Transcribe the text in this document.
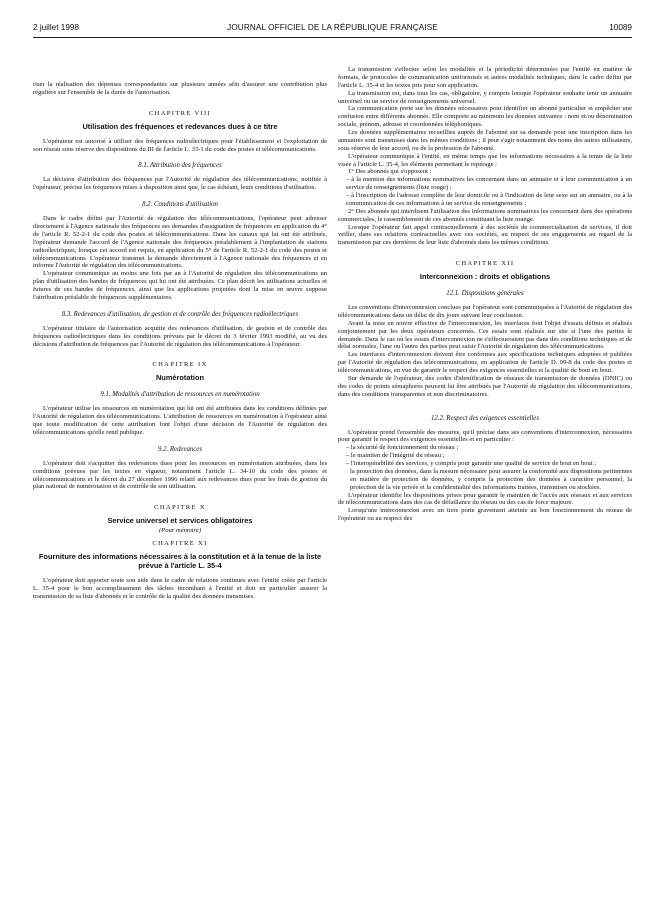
2 juillet 1998	JOURNAL OFFICIEL DE LA RÉPUBLIQUE FRANÇAISE	10089

riser la réalisation des dépenses correspondantes sur plusieurs années afin d'assurer une contribution plus régulière sur l'ensemble de la durée de l'autorisation.

CHAPITRE VIII
Utilisation des fréquences et redevances dues à ce titre

L'opérateur est autorisé à utiliser des fréquences radioélectriques pour l'établissement et l'exploitation de son réseau sous réserve des dispositions du III de l'article L. 33-1 du code des postes et télécommunications.

8.1. Attribution des fréquences

La décision d'attribution des fréquences par l'Autorité de régulation des télécommunications, notifiée à l'opérateur, précise les fréquences mises à disposition ainsi que, le cas échéant, leurs conditions d'utilisation.

8.2. Conditions d'utilisation

Dans le cadre défini par l'Autorité de régulation des télécommunications, l'opérateur peut adresser directement à l'Agence nationale des fréquences ses demandes d'assignation de fréquences en application du 4° de l'article R. 52-2-1 du code des postes et télécommunications. Dans les canaux qui lui ont été attribués, l'opérateur demande l'accord de l'Agence nationale des fréquences préalablement à l'implantation de stations radioélectriques, lorsque cet accord est requis, en application du 5° de l'article R. 52-2-1 du code des postes et télécommunications. L'opérateur transmet la demande directement à l'Agence nationale des fréquences et en informe l'Autorité de régulation des télécommunications.

L'opérateur communique au moins une fois par an à l'Autorité de régulation des télécommunications un plan d'utilisation des bandes de fréquences qui lui ont été attribuées. Ce plan décrit les utilisations actuelles et futures de ces bandes de fréquences, ainsi que les applications projetées dont la mise en œuvre suppose l'attribution préalable de fréquences supplémentaires.

8.3. Redevances d'utilisation, de gestion et de contrôle des fréquences radioélectriques

L'opérateur titulaire de l'autorisation acquitte des redevances d'utilisation, de gestion et de contrôle des fréquences radioélectriques dans les conditions prévues par le décret du 3 février 1993 modifié, au vu des décisions d'attribution de fréquences par l'Autorité de régulation des télécommunications à l'opérateur.

CHAPITRE IX
Numérotation
9.1. Modalités d'attribution de ressources en numérotation

L'opérateur utilise les ressources en numérotation qui lui ont été attribuées dans les conditions définies par l'Autorité de régulation des télécommunications. L'attribution de ressources en numérotation à l'opérateur ainsi que toute modification de cette attribution font l'objet d'une décision de l'Autorité de régulation des télécommunications qu'elle rend publique.

9.2. Redevances

L'opérateur doit s'acquitter des redevances dues pour les ressources en numérotation attribuées, dans les conditions prévues par les textes en vigueur, notamment l'article L. 34-10 du code des postes et télécommunications et le décret du 27 décembre 1996 relatif aux redevances dues pour les frais de gestion du plan national de numérotation et de contrôle de son utilisation.

CHAPITRE X
Service universel et services obligatoires
(Pour mémoire)
CHAPITRE XI
Fourniture des informations nécessaires à la constitution et à la tenue de la liste prévue à l'article L. 35-4

L'opérateur doit apporter toute son aide dans le cadre de relations continues avec l'entité créée par l'article L. 35-4 pour le bon accomplissement des tâches incombant à l'entité et doit en particulier assurer la transmission de sa liste d'abonnés et le contrôle de la qualité des données transmises.

La transmission s'effectue selon les modalités et la périodicité déterminées par l'entité en matière de formats, de protocoles de communication uniformisés et autres modalités techniques, dans le cadre défini par l'article L. 35-4 et les textes pris pour son application.

La transmission est, dans tous les cas, obligatoire, y compris lorsque l'opérateur souhaite tenir un annuaire universel ou un service de renseignements universel.

La communication porte sur les données nécessaires pour identifier un abonné particulier et empêcher une confusion entre différents abonnés. Elle comporte au minimum les données suivantes : nom et/ou dénomination sociale, prénom, adresse et coordonnées téléphoniques.

Les données supplémentaires recueillies auprès de l'abonné sur sa demande pour une inscription dans les annuaires sont transmises dans les mêmes conditions ; il peut s'agir notamment des noms des autres utilisateurs, sous réserve de leur accord, ou de la profession de l'abonné.

L'opérateur communique à l'entité, en même temps que les informations nécessaires à la tenue de la liste visée à l'article L. 35-4, les éléments permettant le repérage :

1° Des abonnés qui s'opposent :

– à la mention des informations nominatives les concernant dans un annuaire et à leur communication à un service de renseignements (liste rouge) ;

– à l'inscription de l'adresse complète de leur domicile ou à l'indication de leur sexe sur un annuaire, ou à la communication de ces informations à un service de renseignements ;

2° Des abonnés qui interdisent l'utilisation des informations nominatives les concernant dans des opérations commerciales, le rassemblement de ces abonnés constituant la liste orange.

Lorsque l'opérateur fait appel contractuellement à des sociétés de commercialisation de services, il doit veiller, dans ses relations contractuelles avec ces sociétés, au respect de ses engagements au regard de la transmission par ces dernières de leur liste d'abonnés dans les mêmes conditions.

CHAPITRE XII
Interconnexion : droits et obligations
12.1. Dispositions générales

Les conventions d'interconnexion conclues par l'opérateur sont communiquées à l'Autorité de régulation des télécommunications dans un délai de dix jours suivant leur conclusion.

Avant la mise en œuvre effective de l'interconnexion, les interfaces font l'objet d'essais définis et réalisés conjointement par les deux opérateurs concernés. Ces essais sont réalisés sur site si l'une des parties le demande. Dans le cas où les essais d'interconnexion ne s'effectueraient pas dans des conditions techniques et de délai normales, l'une ou l'autre des parties peut saisir l'Autorité de régulation des télécommunications.

Les interfaces d'interconnexion doivent être conformes aux spécifications techniques adoptées et publiées par l'Autorité de régulation des télécommunications, en application de l'article D. 99-8 du code des postes et télécommunications, en vue de garantir le respect des exigences essentielles et la qualité de bout en bout.

Sur demande de l'opérateur, des codes d'identification de réseaux de transmission de données (DNIC) ou des codes de points sémaphores peuvent lui être attribués par l'Autorité de régulation des télécommunications, dans des conditions transparentes et non discriminatoires.

12.2. Respect des exigences essentielles

L'opérateur prend l'ensemble des mesures, qu'il précise dans ses conventions d'interconnexion, nécessaires pour garantir le respect des exigences essentielles et en particulier :

– la sécurité de fonctionnement du réseau ;

– le maintien de l'intégrité du réseau ;

– l'interopérabilité des services, y compris pour garantir une qualité de service de bout en bout ;

la protection des données, dans la mesure nécessaire pour assurer la conformité aux dispositions pertinentes en matière de protection de données, y compris la protection des données à caractère personnel, la protection de la vie privée et la confidentialité des informations traitées, transmises ou stockées.

L'opérateur identifie les dispositions prises pour garantir le maintien de l'accès aux réseaux et aux services de télécommunications dans des cas de défaillance du réseau ou des cas de force majeure.

Lorsqu'une interconnexion avec un tiers porte gravement atteinte au bon fonctionnement du réseau de l'opérateur ou au respect des
